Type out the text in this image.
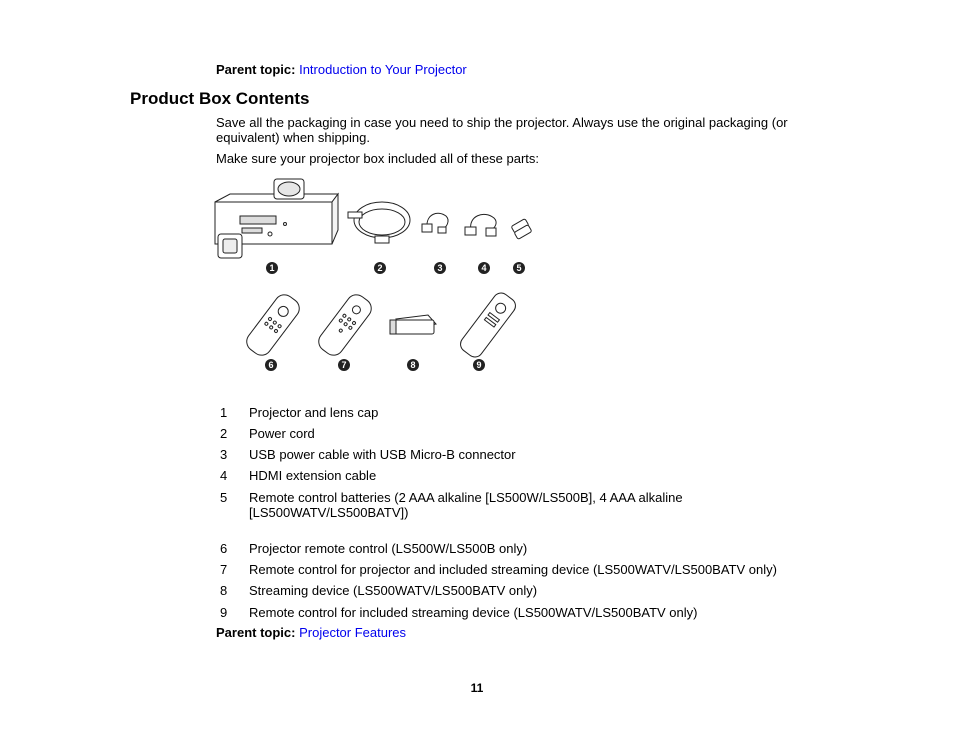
Parent topic: Introduction to Your Projector
Product Box Contents

Save all the packaging in case you need to ship the projector. Always use the original packaging (or equivalent) when shipping.

Make sure your projector box included all of these parts:

1	2	3	4	5
6	7	8	9
1 Projector and lens cap
2 Power cord
3 USB power cable with USB Micro-B connector
4 HDMI extension cable
5 Remote control batteries (2 AAA alkaline [LS500W/LS500B], 4 AAA alkaline [LS500WATV/LS500BATV])
6 Projector remote control (LS500W/LS500B only)
7 Remote control for projector and included streaming device (LS500WATV/LS500BATV only)
8 Streaming device (LS500WATV/LS500BATV only)
9 Remote control for included streaming device (LS500WATV/LS500BATV only)
Parent topic: Projector Features
11
